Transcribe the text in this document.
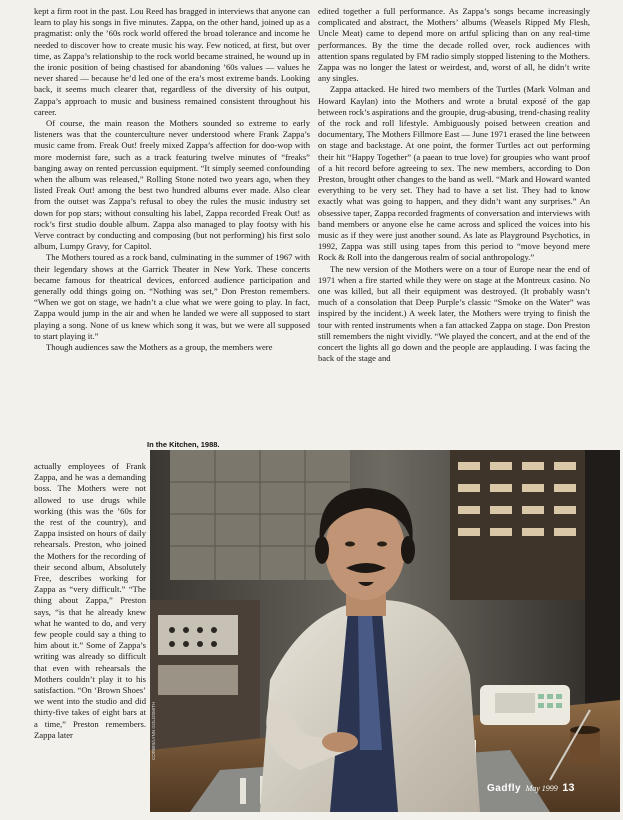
kept a firm root in the past. Lou Reed has bragged in interviews that anyone can learn to play his songs in five minutes. Zappa, on the other hand, joined up as a pragmatist: only the ’60s rock world offered the broad tolerance and income he needed to discover how to create music his way. Few noticed, at first, but over time, as Zappa’s relationship to the rock world became strained, he wound up in the ironic position of being chastised for abandoning ’60s values — values he never shared — because he’d led one of the era’s most extreme bands. Looking back, it seems much clearer that, regardless of the diversity of his output, Zappa’s approach to music and business remained consistent throughout his career.

Of course, the main reason the Mothers sounded so extreme to early listeners was that the counterculture never understood where Frank Zappa’s music came from. Freak Out! freely mixed Zappa’s affection for doo-wop with more modernist fare, such as a track featuring twelve minutes of “freaks” banging away on rented percussion equipment. “It simply seemed confounding when the album was released,” Rolling Stone noted two years ago, when they listed Freak Out! among the best two hundred albums ever made. Also clear from the outset was Zappa’s refusal to obey the rules the music industry set down for pop stars; without consulting his label, Zappa recorded Freak Out! as rock’s first studio double album. Zappa also managed to play footsy with his Verve contract by conducting and composing (but not performing) his first solo album, Lumpy Gravy, for Capitol.

The Mothers toured as a rock band, culminating in the summer of 1967 with their legendary shows at the Garrick Theater in New York. These concerts became famous for theatrical devices, enforced audience participation and generally odd things going on. “Nothing was set,” Don Preston remembers. “When we got on stage, we hadn’t a clue what we were going to play. In fact, Zappa would jump in the air and when he landed we were all supposed to start playing a song. None of us knew which song it was, but we were all supposed to start playing it.”

Though audiences saw the Mothers as a group, the members were

actually employees of Frank Zappa, and he was a demanding boss. The Mothers were not allowed to use drugs while working (this was the ’60s for the rest of the country), and Zappa insisted on hours of daily rehearsals. Preston, who joined the Mothers for the recording of their second album, Absolutely Free, describes working for Zappa as “very difficult.” “The thing about Zappa,” Preston says, “is that he already knew what he wanted to do, and very few people could say a thing to him about it.” Some of Zappa’s writing was already so difficult that even with rehearsals the Mothers couldn’t play it to his satisfaction. “On ‘Brown Shoes’ we went into the studio and did thirty-five takes of eight bars at a time,” Preston remembers. Zappa later

edited together a full performance. As Zappa’s songs became increasingly complicated and abstract, the Mothers’ albums (Weasels Ripped My Flesh, Uncle Meat) came to depend more on artful splicing than on any real-time performances. By the time the decade rolled over, rock audiences with attention spans regulated by FM radio simply stopped listening to the Mothers. Zappa was no longer the latest or weirdest, and, worst of all, he didn’t write any singles.

Zappa attacked. He hired two members of the Turtles (Mark Volman and Howard Kaylan) into the Mothers and wrote a brutal exposé of the gap between rock’s aspirations and the groupie, drug-abusing, trend-chasing reality of the rock and roll lifestyle. Ambiguously poised between creation and documentary, The Mothers Fillmore East — June 1971 erased the line between on stage and backstage. At one point, the former Turtles act out performing their hit “Happy Together” (a paean to true love) for groupies who want proof of a hit record before agreeing to sex. The new members, according to Don Preston, brought other changes to the band as well. “Mark and Howard wanted everything to be very set. They had to have a set list. They had to know exactly what was going to happen, and they didn’t want any surprises.” An obsessive taper, Zappa recorded fragments of conversation and interviews with band members or anyone else he came across and spliced the voices into his music as if they were just another sound. As late as Playground Psychotics, in 1992, Zappa was still using tapes from this period to “move beyond mere Rock & Roll into the dangerous realm of social anthropology.”

The new version of the Mothers were on a tour of Europe near the end of 1971 when a fire started while they were on stage at the Montreux casino. No one was killed, but all their equipment was destroyed. (It probably wasn’t much of a consolation that Deep Purple’s classic “Smoke on the Water” was inspired by the incident.) A week later, the Mothers were trying to finish the tour with rented instruments when a fan attacked Zappa on stage. Don Preston still remembers the night vividly. “We played the concert, and at the end of the concert the lights all go down and the people are applauding. I was facing the back of the stage and

In the Kitchen, 1988.
CORBIS/LYNN GOLDSMITH
Gadfly May 1999 13
